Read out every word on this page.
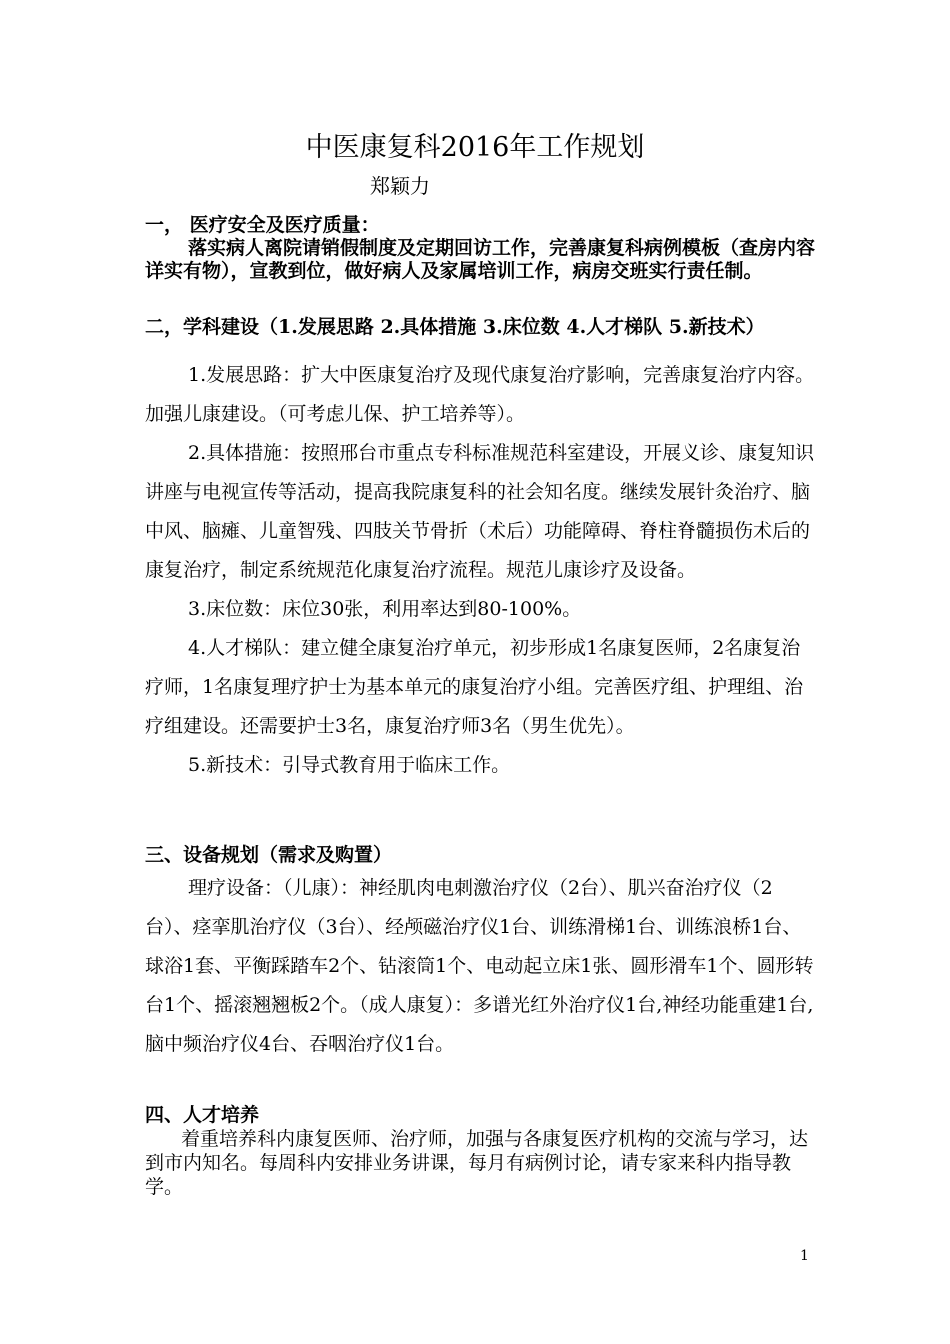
中医康复科2016年工作规划
郑颖力

一， 医疗安全及医疗质量：

落实病人离院请销假制度及定期回访工作，完善康复科病例模板（查房内容详实有物），宣教到位，做好病人及家属培训工作，病房交班实行责任制。

二，学科建设（1.发展思路 2.具体措施 3.床位数 4.人才梯队 5.新技术）

1.发展思路：扩大中医康复治疗及现代康复治疗影响，完善康复治疗内容。 加强儿康建设。（可考虑儿保、护工培养等）。

2.具体措施：按照邢台市重点专科标准规范科室建设，开展义诊、康复知识讲座与电视宣传等活动，提高我院康复科的社会知名度。继续发展针灸治疗、脑中风、脑瘫、儿童智残、四肢关节骨折（术后）功能障碍、脊柱脊髓损伤术后的康复治疗，制定系统规范化康复治疗流程。规范儿康诊疗及设备。

3.床位数：床位30张，利用率达到80-100%。

4.人才梯队：建立健全康复治疗单元，初步形成1名康复医师，2名康复治疗师，1名康复理疗护士为基本单元的康复治疗小组。完善医疗组、护理组、治疗组建设。还需要护士3名，康复治疗师3名（男生优先）。

5.新技术：引导式教育用于临床工作。

三、设备规划（需求及购置）

理疗设备：（儿康）：神经肌肉电刺激治疗仪（2台）、肌兴奋治疗仪（2台）、痉挛肌治疗仪（3台）、经颅磁治疗仪1台、训练滑梯1台、训练浪桥1台、球浴1套、平衡踩踏车2个、钻滚筒1个、电动起立床1张、圆形滑车1个、圆形转台1个、摇滚翘翘板2个。（成人康复）：多谱光红外治疗仪1台,神经功能重建1台,脑中频治疗仪4台、吞咽治疗仪1台。

四、人才培养

着重培养科内康复医师、治疗师，加强与各康复医疗机构的交流与学习，达到市内知名。每周科内安排业务讲课，每月有病例讨论，请专家来科内指导教学。

1
